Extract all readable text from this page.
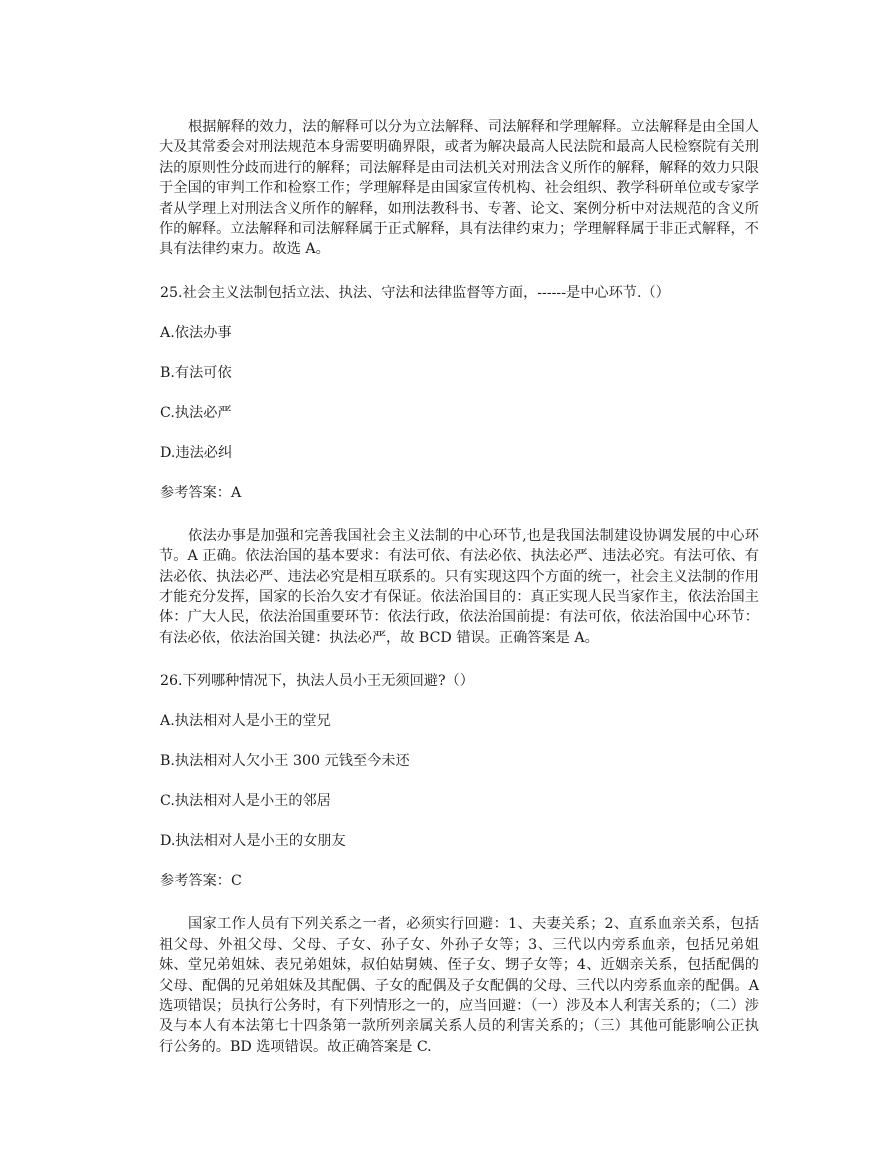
根据解释的效力，法的解释可以分为立法解释、司法解释和学理解释。立法解释是由全国人大及其常委会对刑法规范本身需要明确界限，或者为解决最高人民法院和最高人民检察院有关刑法的原则性分歧而进行的解释；司法解释是由司法机关对刑法含义所作的解释，解释的效力只限于全国的审判工作和检察工作；学理解释是由国家宣传机构、社会组织、教学科研单位或专家学者从学理上对刑法含义所作的解释，如刑法教科书、专著、论文、案例分析中对法规范的含义所作的解释。立法解释和司法解释属于正式解释，具有法律约束力；学理解释属于非正式解释，不具有法律约束力。故选 A。

25.社会主义法制包括立法、执法、守法和法律监督等方面，------是中心环节.（）

A.依法办事

B.有法可依

C.执法必严

D.违法必纠

参考答案：A

依法办事是加强和完善我国社会主义法制的中心环节,也是我国法制建设协调发展的中心环节。A 正确。依法治国的基本要求：有法可依、有法必依、执法必严、违法必究。有法可依、有法必依、执法必严、违法必究是相互联系的。只有实现这四个方面的统一，社会主义法制的作用才能充分发挥，国家的长治久安才有保证。依法治国目的：真正实现人民当家作主，依法治国主体：广大人民，依法治国重要环节：依法行政，依法治国前提：有法可依，依法治国中心环节：有法必依，依法治国关键：执法必严，故 BCD 错误。正确答案是 A。

26.下列哪种情况下，执法人员小王无须回避?（）

A.执法相对人是小王的堂兄

B.执法相对人欠小王 300 元钱至今未还

C.执法相对人是小王的邻居

D.执法相对人是小王的女朋友

参考答案：C

国家工作人员有下列关系之一者，必须实行回避：1、夫妻关系；2、直系血亲关系，包括祖父母、外祖父母、父母、子女、孙子女、外孙子女等；3、三代以内旁系血亲，包括兄弟姐妹、堂兄弟姐妹、表兄弟姐妹，叔伯姑舅姨、侄子女、甥子女等；4、近姻亲关系，包括配偶的父母、配偶的兄弟姐妹及其配偶、子女的配偶及子女配偶的父母、三代以内旁系血亲的配偶。A 选项错误；员执行公务时，有下列情形之一的，应当回避：（一）涉及本人利害关系的；（二）涉及与本人有本法第七十四条第一款所列亲属关系人员的利害关系的；（三）其他可能影响公正执行公务的。BD 选项错误。故正确答案是 C.
